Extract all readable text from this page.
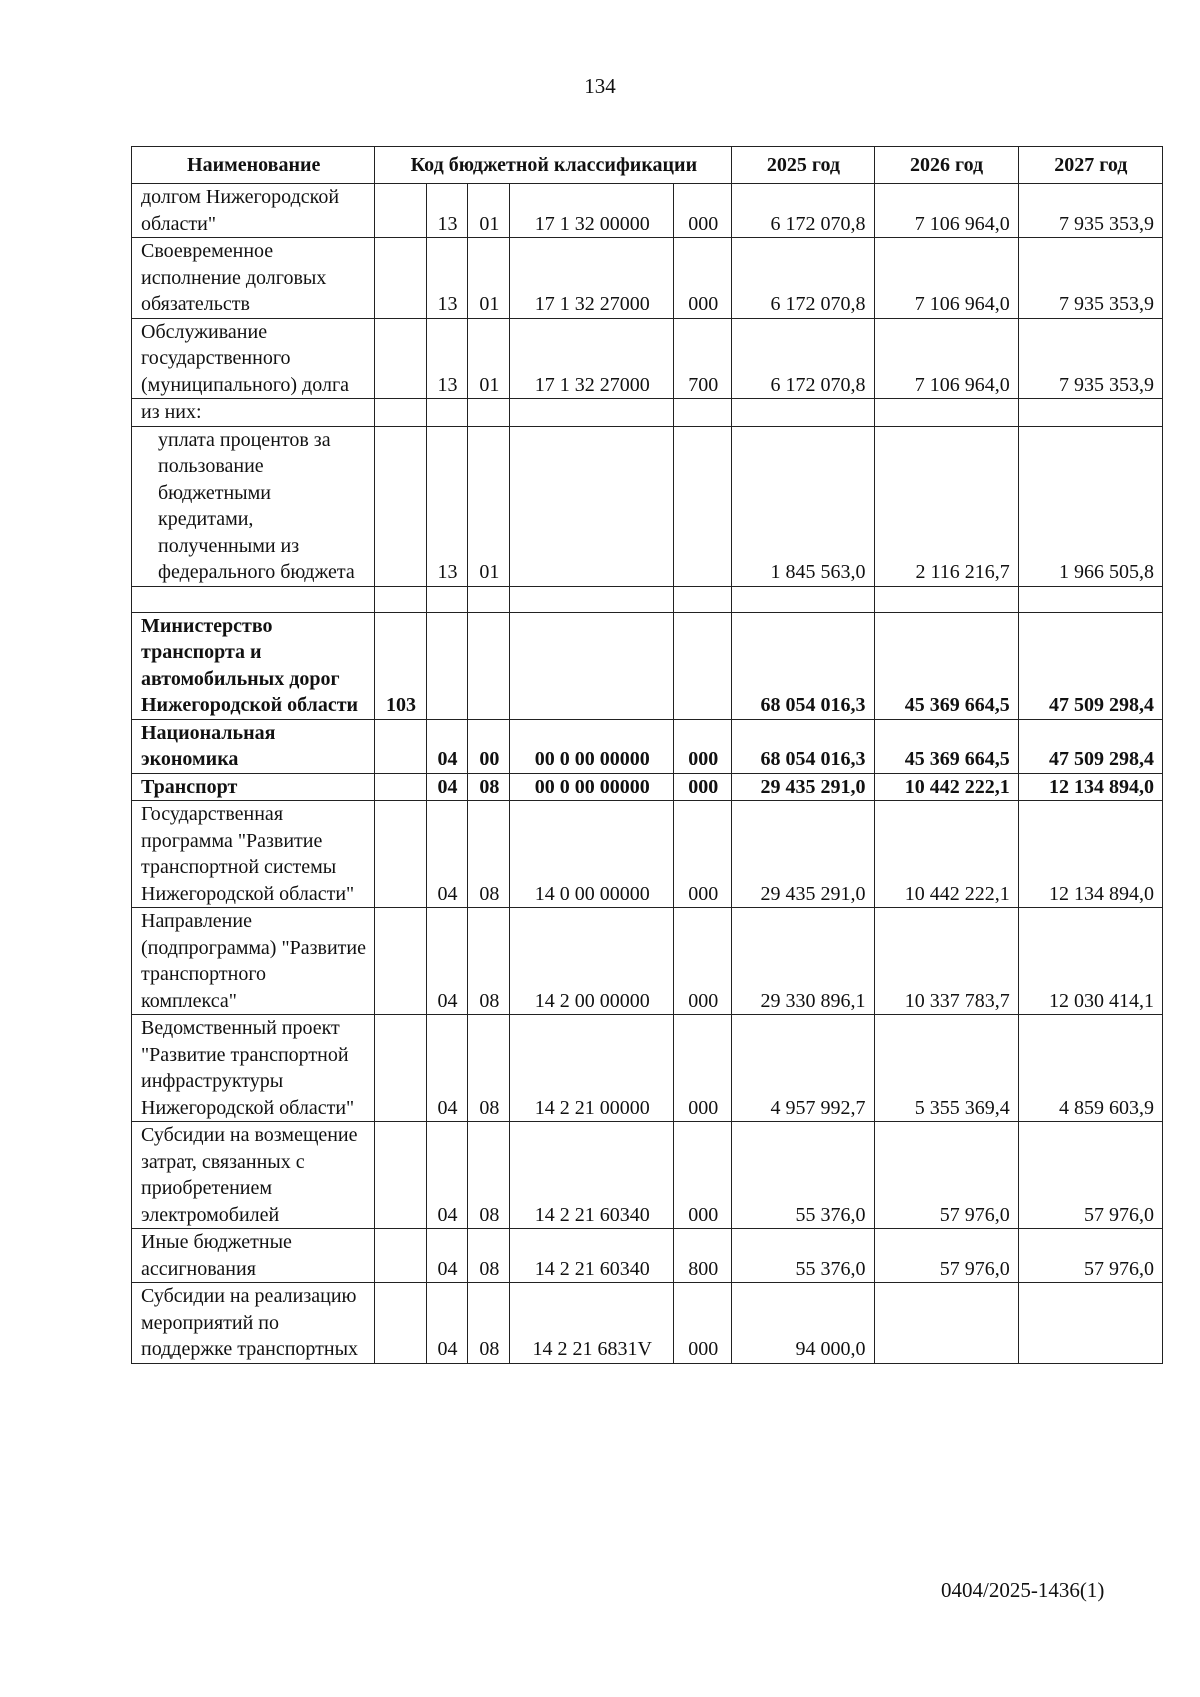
134
Наименование	Код бюджетной классификации					2025 год	2026 год	2027 год
долгом Нижегородской области"		13	01	17 1 32 00000	000	6 172 070,8	7 106 964,0	7 935 353,9
Своевременное исполнение долговых обязательств		13	01	17 1 32 27000	000	6 172 070,8	7 106 964,0	7 935 353,9
Обслуживание государственного (муниципального) долга		13	01	17 1 32 27000	700	6 172 070,8	7 106 964,0	7 935 353,9
из них:								
уплата процентов за пользование бюджетными кредитами, полученными из федерального бюджета		13	01			1 845 563,0	2 116 216,7	1 966 505,8

Министерство транспорта и автомобильных дорог Нижегородской области	103					68 054 016,3	45 369 664,5	47 509 298,4
Национальная экономика		04	00	00 0 00 00000	000	68 054 016,3	45 369 664,5	47 509 298,4
Транспорт		04	08	00 0 00 00000	000	29 435 291,0	10 442 222,1	12 134 894,0
Государственная программа "Развитие транспортной системы Нижегородской области"		04	08	14 0 00 00000	000	29 435 291,0	10 442 222,1	12 134 894,0
Направление (подпрограмма) "Развитие транспортного комплекса"		04	08	14 2 00 00000	000	29 330 896,1	10 337 783,7	12 030 414,1
Ведомственный проект "Развитие транспортной инфраструктуры Нижегородской области"		04	08	14 2 21 00000	000	4 957 992,7	5 355 369,4	4 859 603,9
Субсидии на возмещение затрат, связанных с приобретением электромобилей		04	08	14 2 21 60340	000	55 376,0	57 976,0	57 976,0
Иные бюджетные ассигнования		04	08	14 2 21 60340	800	55 376,0	57 976,0	57 976,0
Субсидии на реализацию мероприятий по поддержке транспортных		04	08	14 2 21 6831V	000	94 000,0		
0404/2025-1436(1)
